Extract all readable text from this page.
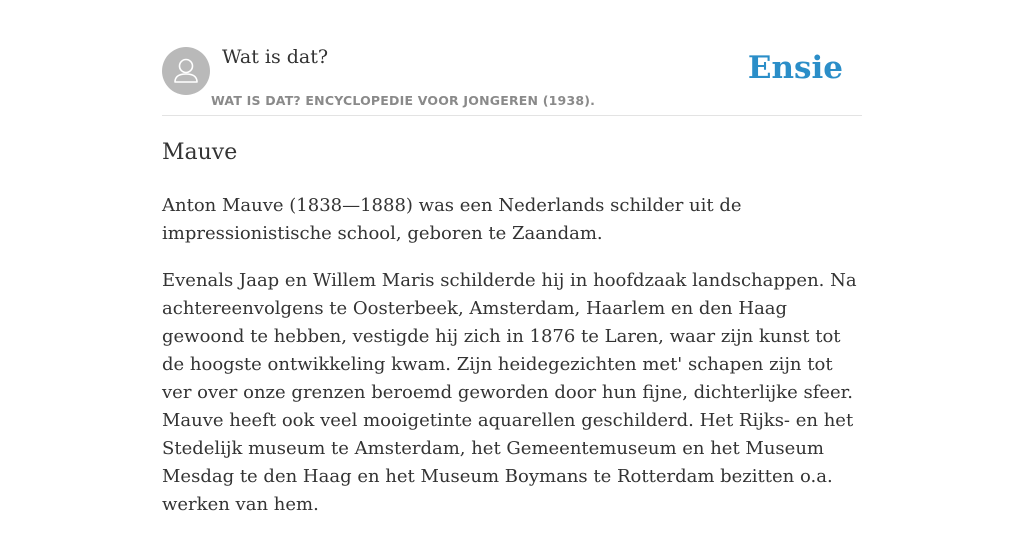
Wat is dat?
WAT IS DAT? ENCYCLOPEDIE VOOR JONGEREN (1938).
Ensie
Mauve

Anton Mauve (1838—1888) was een Nederlands schilder uit de impressionistische school, geboren te Zaandam.

Evenals Jaap en Willem Maris schilderde hij in hoofdzaak landschappen. Na achtereenvolgens te Oosterbeek, Amsterdam, Haarlem en den Haag gewoond te hebben, vestigde hij zich in 1876 te Laren, waar zijn kunst tot de hoogste ontwikkeling kwam. Zijn heidegezichten met' schapen zijn tot ver over onze grenzen beroemd geworden door hun fijne, dichterlijke sfeer. Mauve heeft ook veel mooigetinte aquarellen geschilderd. Het Rijks- en het Stedelijk museum te Amsterdam, het Gemeentemuseum en het Museum Mesdag te den Haag en het Museum Boymans te Rotterdam bezitten o.a. werken van hem.
